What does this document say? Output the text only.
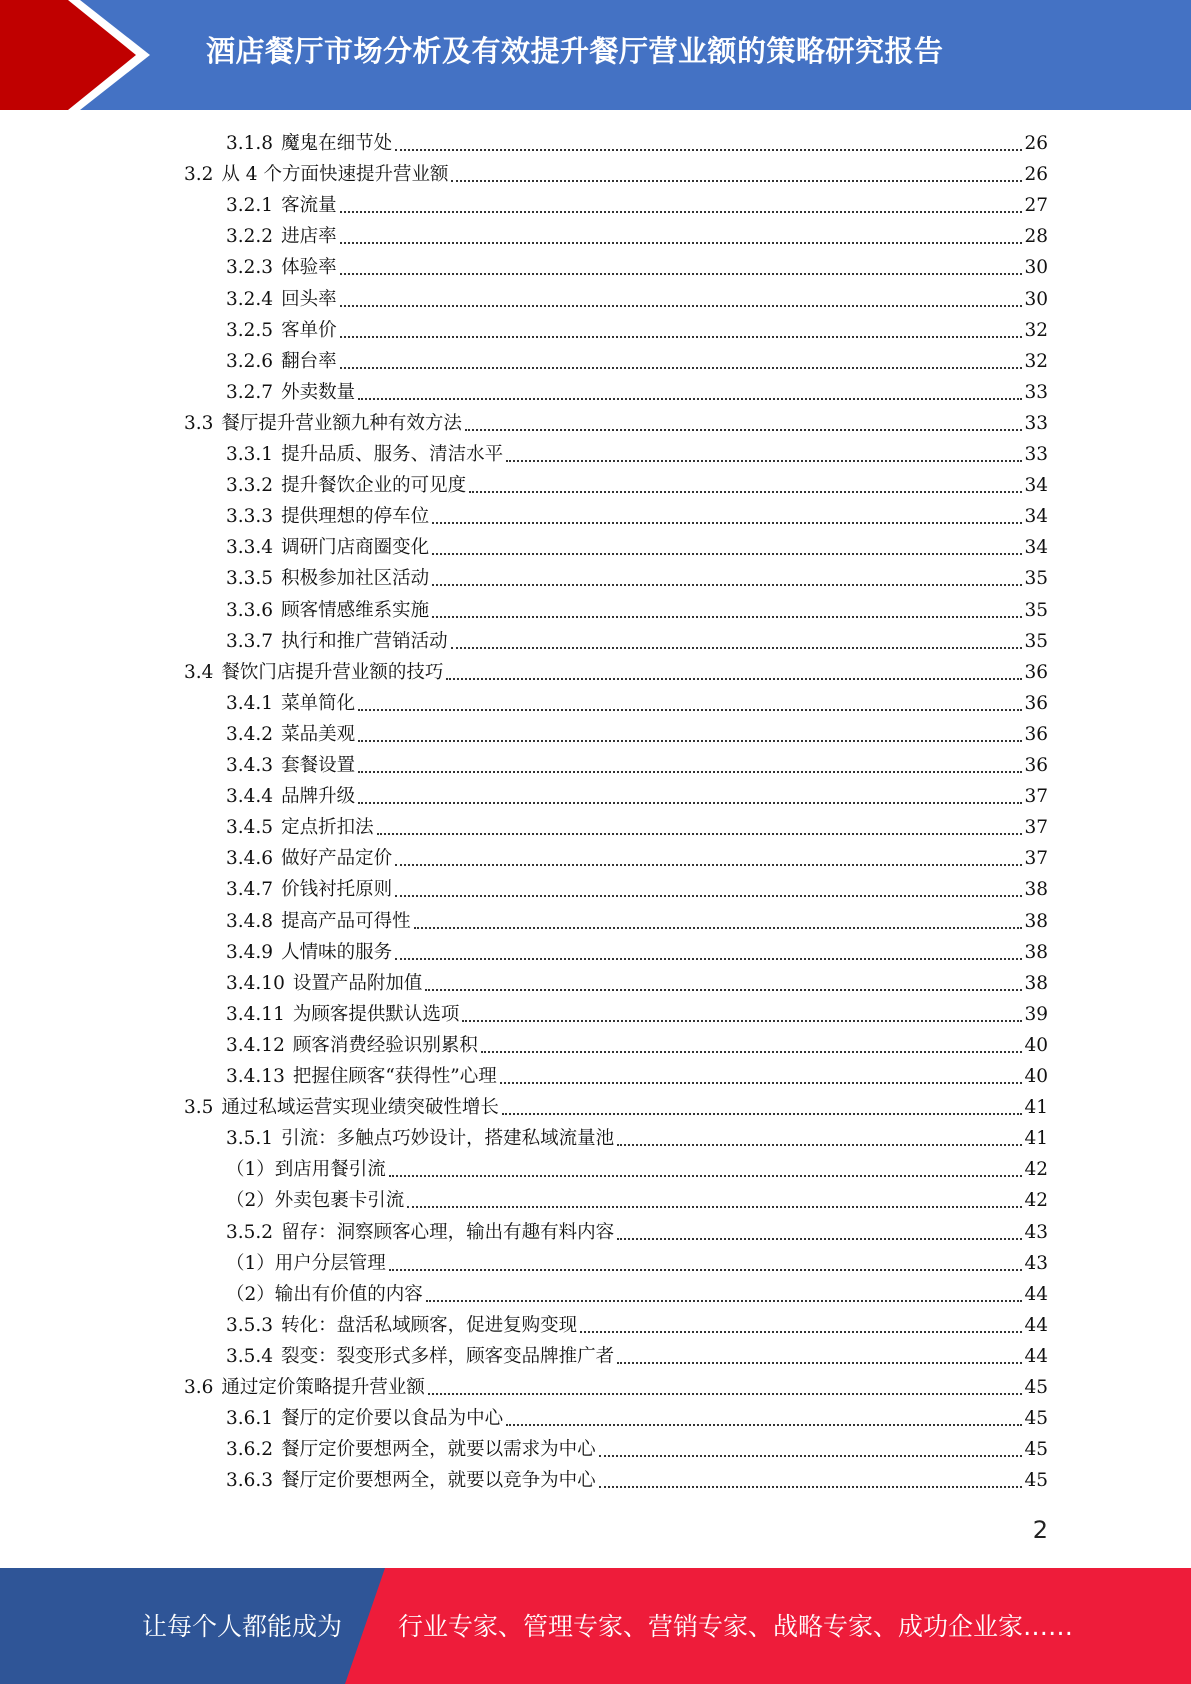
酒店餐厅市场分析及有效提升餐厅营业额的策略研究报告
3.1.8 魔鬼在细节处	26
3.2 从 4 个方面快速提升营业额	26
3.2.1 客流量	27
3.2.2 进店率	28
3.2.3 体验率	30
3.2.4 回头率	30
3.2.5 客单价	32
3.2.6 翻台率	32
3.2.7 外卖数量	33
3.3 餐厅提升营业额九种有效方法	33
3.3.1 提升品质、服务、清洁水平	33
3.3.2 提升餐饮企业的可见度	34
3.3.3 提供理想的停车位	34
3.3.4 调研门店商圈变化	34
3.3.5 积极参加社区活动	35
3.3.6 顾客情感维系实施	35
3.3.7 执行和推广营销活动	35
3.4 餐饮门店提升营业额的技巧	36
3.4.1 菜单简化	36
3.4.2 菜品美观	36
3.4.3 套餐设置	36
3.4.4 品牌升级	37
3.4.5 定点折扣法	37
3.4.6 做好产品定价	37
3.4.7 价钱衬托原则	38
3.4.8 提高产品可得性	38
3.4.9 人情味的服务	38
3.4.10 设置产品附加值	38
3.4.11 为顾客提供默认选项	39
3.4.12 顾客消费经验识别累积	40
3.4.13 把握住顾客“获得性”心理	40
3.5 通过私域运营实现业绩突破性增长	41
3.5.1 引流：多触点巧妙设计，搭建私域流量池	41
（1）到店用餐引流	42
（2）外卖包裹卡引流	42
3.5.2 留存：洞察顾客心理，输出有趣有料内容	43
（1）用户分层管理	43
（2）输出有价值的内容	44
3.5.3 转化：盘活私域顾客，促进复购变现	44
3.5.4 裂变：裂变形式多样，顾客变品牌推广者	44
3.6 通过定价策略提升营业额	45
3.6.1 餐厅的定价要以食品为中心	45
3.6.2 餐厅定价要想两全，就要以需求为中心	45
3.6.3 餐厅定价要想两全，就要以竞争为中心	45
2
让每个人都能成为 行业专家、管理专家、营销专家、战略专家、成功企业家……
